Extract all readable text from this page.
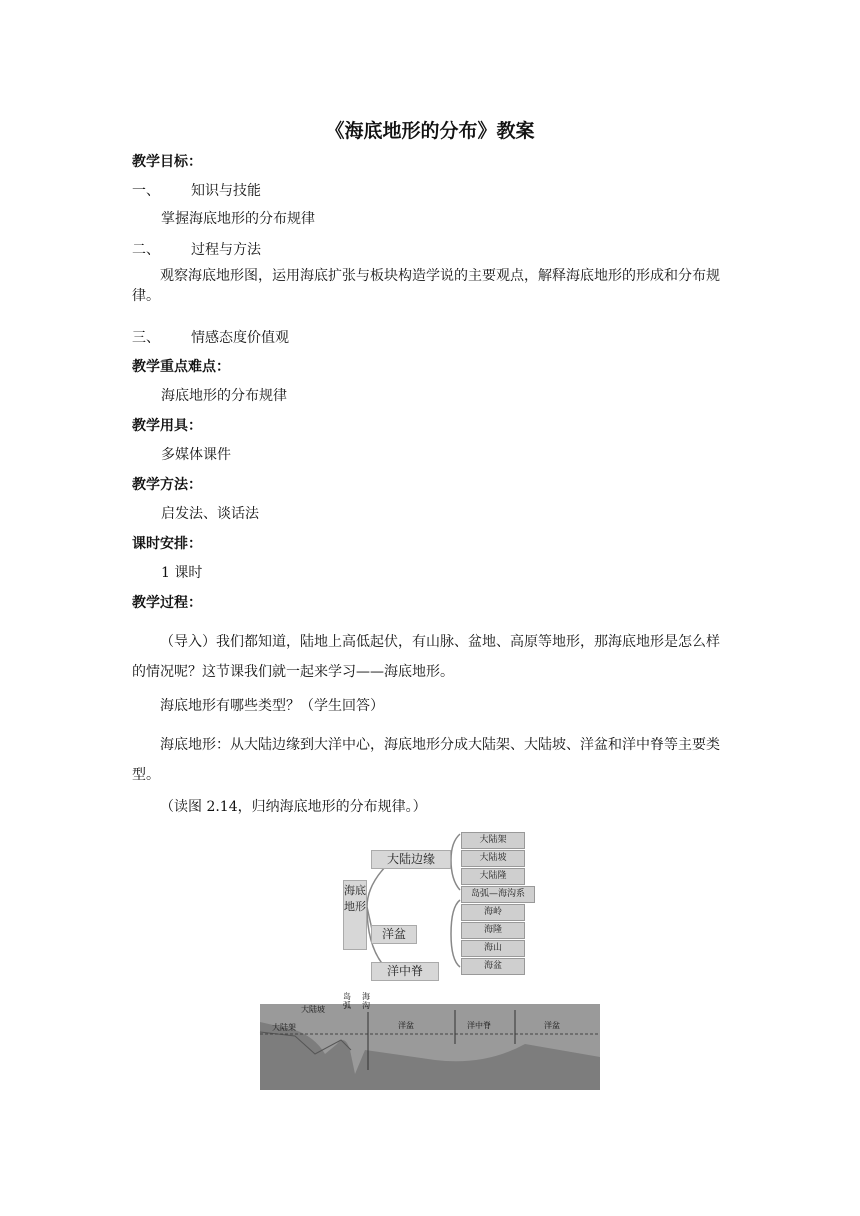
《海底地形的分布》教案
教学目标：
一、 知识与技能
掌握海底地形的分布规律
二、 过程与方法
观察海底地形图，运用海底扩张与板块构造学说的主要观点，解释海底地形的形成和分布规律。
三、 情感态度价值观
教学重点难点：
海底地形的分布规律
教学用具：
多媒体课件
教学方法：
启发法、谈话法
课时安排：
1 课时
教学过程：
（导入）我们都知道，陆地上高低起伏，有山脉、盆地、高原等地形，那海底地形是怎么样的情况呢？这节课我们就一起来学习——海底地形。
海底地形有哪些类型？（学生回答）
海底地形：从大陆边缘到大洋中心，海底地形分成大陆架、大陆坡、洋盆和洋中脊等主要类型。
（读图 2.14，归纳海底地形的分布规律。）
海底地形
大陆边缘
洋盆
洋中脊
大陆架
大陆坡
大陆隆
岛弧—海沟系
海岭
海隆
海山
海盆
大陆架
大陆坡
岛弧
海沟
洋盆	洋中脊	洋盆
